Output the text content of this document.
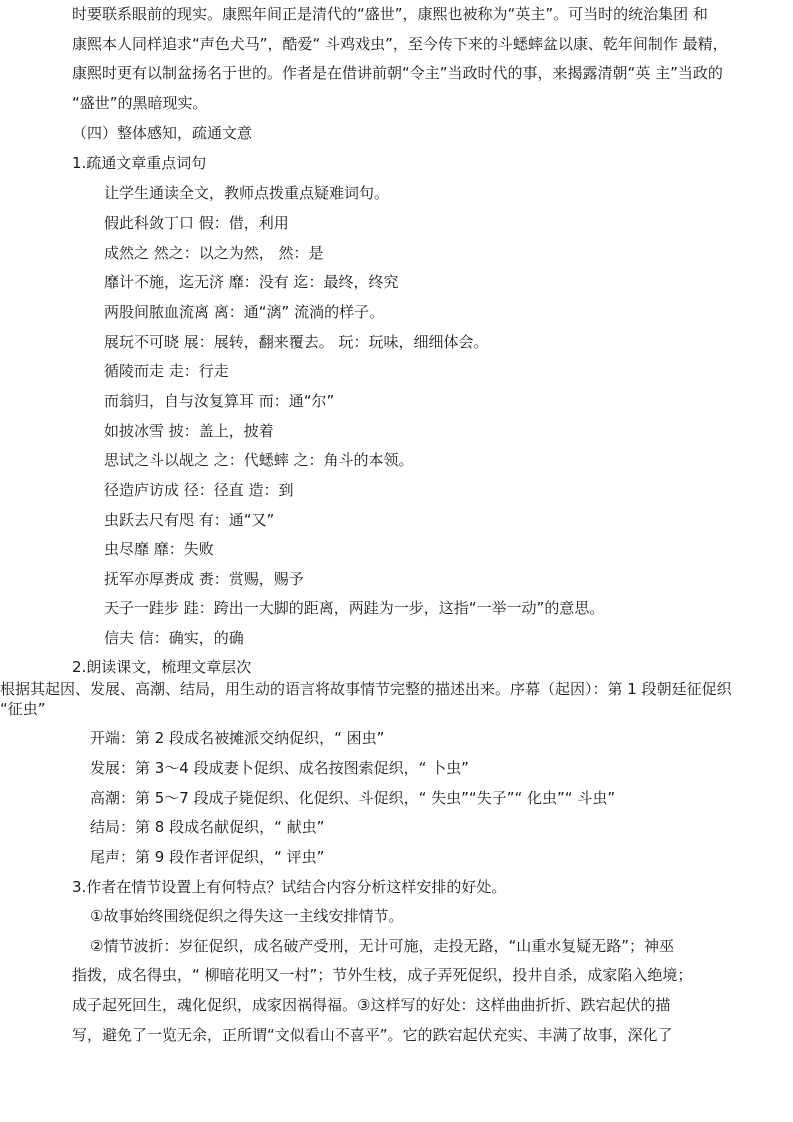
时要联系眼前的现实。康熙年间正是清代的“盛世”，康熙也被称为“英主”。可当时的统治集团 和
康熙本人同样追求“声色犬马”，酷爱“ 斗鸡戏虫”，至今传下来的斗蟋蟀盆以康、乾年间制作 最精，
康熙时更有以制盆扬名于世的。作者是在借讲前朝“令主”当政时代的事，来揭露清朝“英 主”当政的
“盛世”的黑暗现实。
（四）整体感知，疏通文意
1.疏通文章重点词句
让学生通读全文，教师点拨重点疑难词句。
假此科敛丁口 假：借，利用
成然之 然之：以之为然， 然：是
靡计不施，迄无济 靡：没有 迄：最终，终究
两股间脓血流离 离：通“漓” 流淌的样子。
展玩不可晓 展：展转，翻来覆去。 玩：玩味，细细体会。
循陵而走 走：行走
而翁归，自与汝复算耳 而：通“尔”
如披冰雪 披：盖上，披着
思试之斗以觇之 之：代蟋蟀 之：角斗的本领。
径造庐访成 径：径直 造：到
虫跃去尺有咫 有：通“又”
虫尽靡 靡：失败
抚军亦厚赉成 赉：赏赐，赐予
天子一跬步 跬：跨出一大脚的距离，两跬为一步，这指“一举一动”的意思。
信夫 信：确实，的确
2.朗读课文，梳理文章层次
根据其起因、发展、高潮、结局，用生动的语言将故事情节完整的描述出来。序幕（起因）：第 1 段朝廷征促织
“征虫”
开端：第 2 段成名被摊派交纳促织，“ 困虫”
发展：第 3～4 段成妻卜促织、成名按图索促织，“ 卜虫”
高潮：第 5～7 段成子毙促织、化促织、斗促织，“ 失虫”“失子”“ 化虫”“ 斗虫”
结局：第 8 段成名献促织，“ 献虫”
尾声：第 9 段作者评促织，“ 评虫”
3.作者在情节设置上有何特点？试结合内容分析这样安排的好处。
①故事始终围绕促织之得失这一主线安排情节。
②情节波折：岁征促织，成名破产受刑，无计可施，走投无路，“山重水复疑无路”；神巫
指拨，成名得虫，“ 柳暗花明又一村”；节外生枝，成子弄死促织，投井自杀，成家陷入绝境；
成子起死回生，魂化促织，成家因祸得福。③这样写的好处：这样曲曲折折、跌宕起伏的描
写，避免了一览无余，正所谓“文似看山不喜平”。它的跌宕起伏充实、丰满了故事，深化了
